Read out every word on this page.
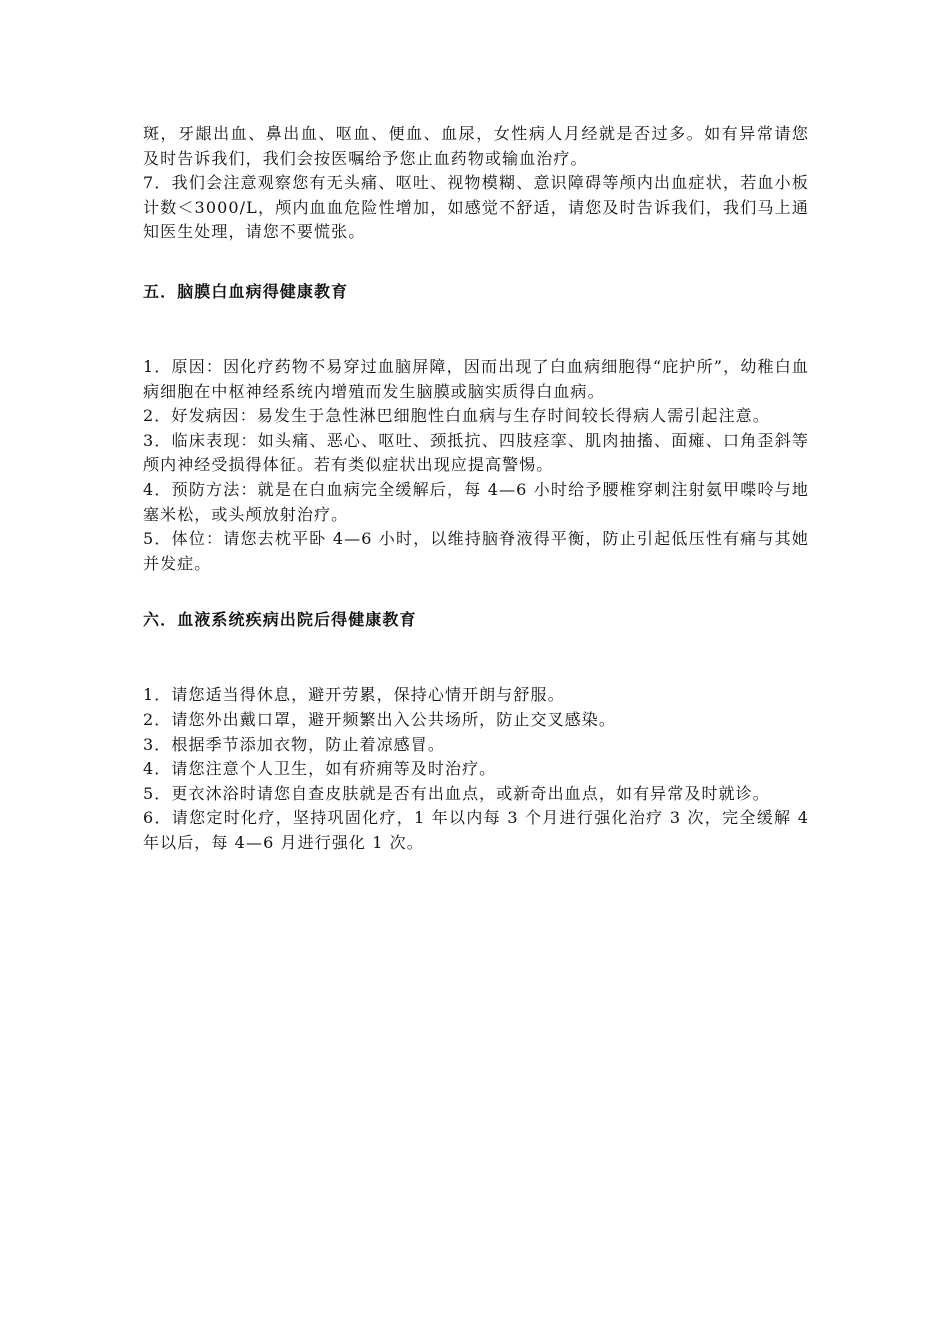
斑，牙龈出血、鼻出血、呕血、便血、血尿，女性病人月经就是否过多。如有异常请您及时告诉我们，我们会按医嘱给予您止血药物或输血治疗。

7．我们会注意观察您有无头痛、呕吐、视物模糊、意识障碍等颅内出血症状，若血小板计数＜3000/L，颅内血血危险性增加，如感觉不舒适，请您及时告诉我们，我们马上通知医生处理，请您不要慌张。

五．脑膜白血病得健康教育

1．原因：因化疗药物不易穿过血脑屏障，因而出现了白血病细胞得“庇护所”，幼稚白血病细胞在中枢神经系统内增殖而发生脑膜或脑实质得白血病。

2．好发病因：易发生于急性淋巴细胞性白血病与生存时间较长得病人需引起注意。

3．临床表现：如头痛、恶心、呕吐、颈抵抗、四肢痉挛、肌肉抽搐、面瘫、口角歪斜等颅内神经受损得体征。若有类似症状出现应提高警惕。

4．预防方法：就是在白血病完全缓解后，每 4—6 小时给予腰椎穿刺注射氨甲喋呤与地塞米松，或头颅放射治疗。

5．体位：请您去枕平卧 4—6 小时，以维持脑脊液得平衡，防止引起低压性有痛与其她并发症。

六．血液系统疾病出院后得健康教育

1．请您适当得休息，避开劳累，保持心情开朗与舒服。

2．请您外出戴口罩，避开频繁出入公共场所，防止交叉感染。

3．根据季节添加衣物，防止着凉感冒。

4．请您注意个人卫生，如有疥痈等及时治疗。

5．更衣沐浴时请您自查皮肤就是否有出血点，或新奇出血点，如有异常及时就诊。

6．请您定时化疗，坚持巩固化疗，1 年以内每 3 个月进行强化治疗 3 次，完全缓解 4 年以后，每 4—6 月进行强化 1 次。
